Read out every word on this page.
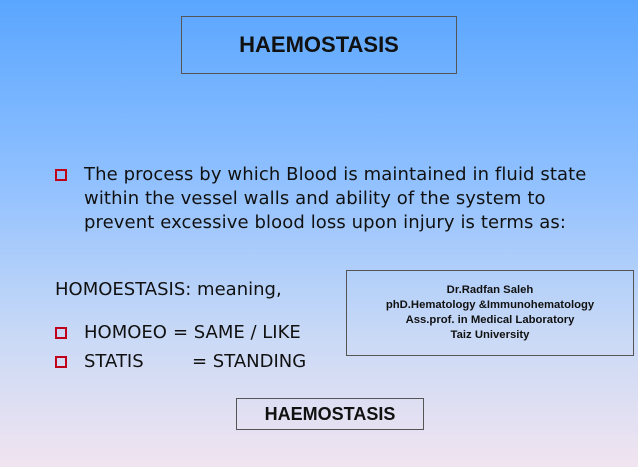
HAEMOSTASIS
The process by which Blood is maintained in fluid state within the vessel walls and ability of the system to prevent excessive blood loss upon injury is terms as:
HOMOESTASIS: meaning,
HOMOEO = SAME / LIKE
STATIS	= STANDING
Dr.Radfan Saleh
phD.Hematology &Immunohematology
Ass.prof. in Medical Laboratory
Taiz University
HAEMOSTASIS
